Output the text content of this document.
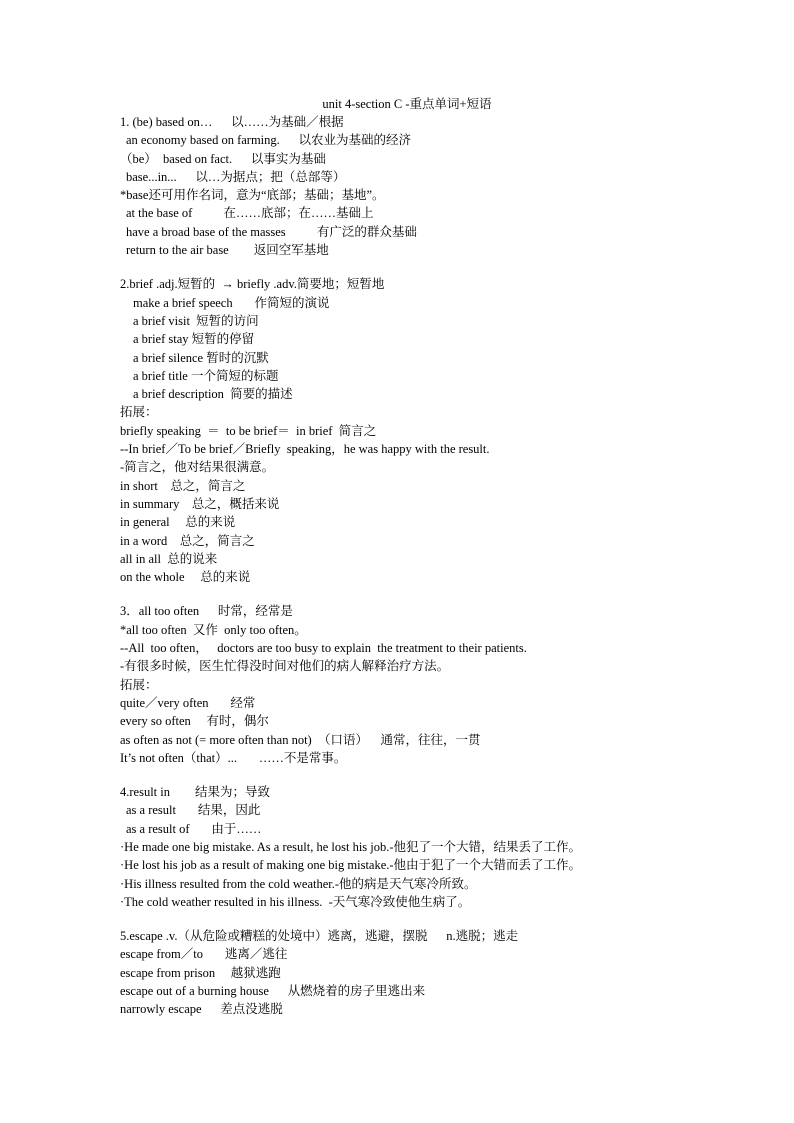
unit 4-section C -重点单词+短语
1. (be) based on…      以……为基础／根据
an economy based on farming.      以农业为基础的经济
（be）  based on fact.      以事实为基础
base...in...      以…为据点；把（总部等）
*base还可用作名词，意为“底部；基础；基地”。
at the base of          在……底部；在……基础上
have a broad base of the masses          有广泛的群众基础
return to the air base        返回空军基地
2.brief .adj.短暂的  → briefly .adv.简要地；短暂地
make a brief speech       作简短的演说
a brief visit  短暂的访问
a brief stay 短暂的停留
a brief silence 暂时的沉默
a brief title 一个简短的标题
a brief description  简要的描述
拓展：
briefly speaking  ＝  to be brief＝  in brief  简言之
--In brief／To be brief／Briefly  speaking，he was happy with the result.
-简言之，他对结果很满意。
in short    总之，简言之
in summary    总之，概括来说
in general     总的来说
in a word    总之，简言之
all in all  总的说来
on the whole     总的来说
3．all too often      时常，经常是
*all too often  又作  only too often。
--All  too often，   doctors are too busy to explain  the treatment to their patients.
-有很多时候，医生忙得没时间对他们的病人解释治疗方法。
拓展：
quite／very often       经常
every so often     有时，偶尔
as often as not (= more often than not)  （口语）    通常，往往，一贯
It’s not often（that）...       ……不是常事。
4.result in        结果为；导致
as a result       结果，因此
as a result of       由于……
·He made one big mistake. As a result, he lost his job.-他犯了一个大错，结果丢了工作。
·He lost his job as a result of making one big mistake.-他由于犯了一个大错而丢了工作。
·His illness resulted from the cold weather.-他的病是天气寒冷所致。
·The cold weather resulted in his illness.  -天气寒冷致使他生病了。
5.escape .v.（从危险或糟糕的处境中）逃离，逃避，摆脱      n.逃脱；逃走
escape from／to       逃离／逃往
escape from prison     越狱逃跑
escape out of a burning house      从燃烧着的房子里逃出来
narrowly escape      差点没逃脱
